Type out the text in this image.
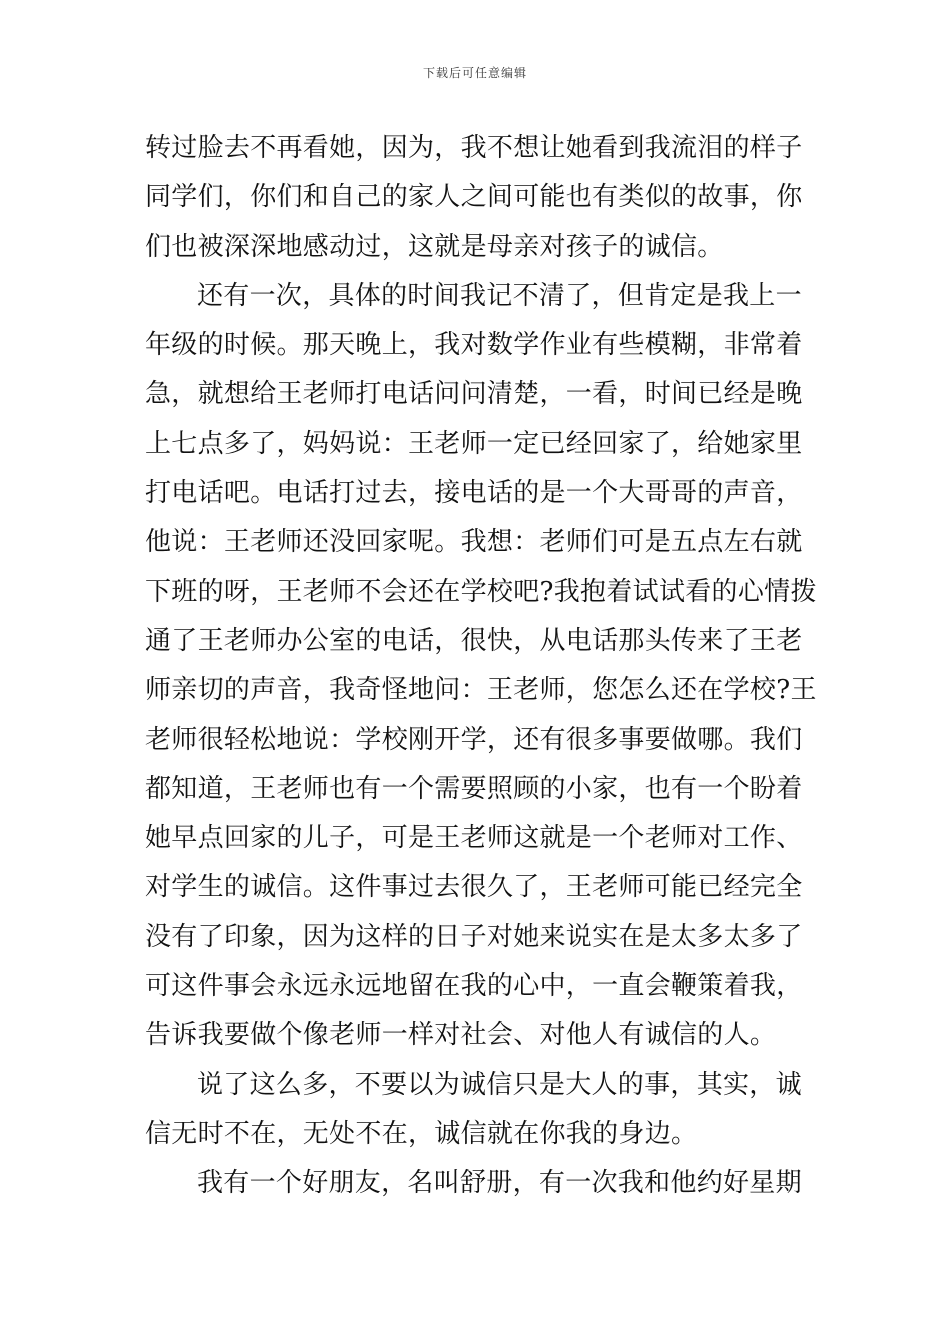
下载后可任意编辑
转过脸去不再看她，因为，我不想让她看到我流泪的样子
同学们，你们和自己的家人之间可能也有类似的故事，你
们也被深深地感动过，这就是母亲对孩子的诚信。
还有一次，具体的时间我记不清了，但肯定是我上一
年级的时候。那天晚上，我对数学作业有些模糊，非常着
急，就想给王老师打电话问问清楚，一看，时间已经是晚
上七点多了，妈妈说：王老师一定已经回家了，给她家里
打电话吧。电话打过去，接电话的是一个大哥哥的声音，
他说：王老师还没回家呢。我想：老师们可是五点左右就
下班的呀，王老师不会还在学校吧?我抱着试试看的心情拨
通了王老师办公室的电话，很快，从电话那头传来了王老
师亲切的声音，我奇怪地问：王老师，您怎么还在学校?王
老师很轻松地说：学校刚开学，还有很多事要做哪。我们
都知道，王老师也有一个需要照顾的小家，也有一个盼着
她早点回家的儿子，可是王老师这就是一个老师对工作、
对学生的诚信。这件事过去很久了，王老师可能已经完全
没有了印象，因为这样的日子对她来说实在是太多太多了
可这件事会永远永远地留在我的心中，一直会鞭策着我，
告诉我要做个像老师一样对社会、对他人有诚信的人。
说了这么多，不要以为诚信只是大人的事，其实，诚
信无时不在，无处不在，诚信就在你我的身边。
我有一个好朋友，名叫舒册，有一次我和他约好星期
